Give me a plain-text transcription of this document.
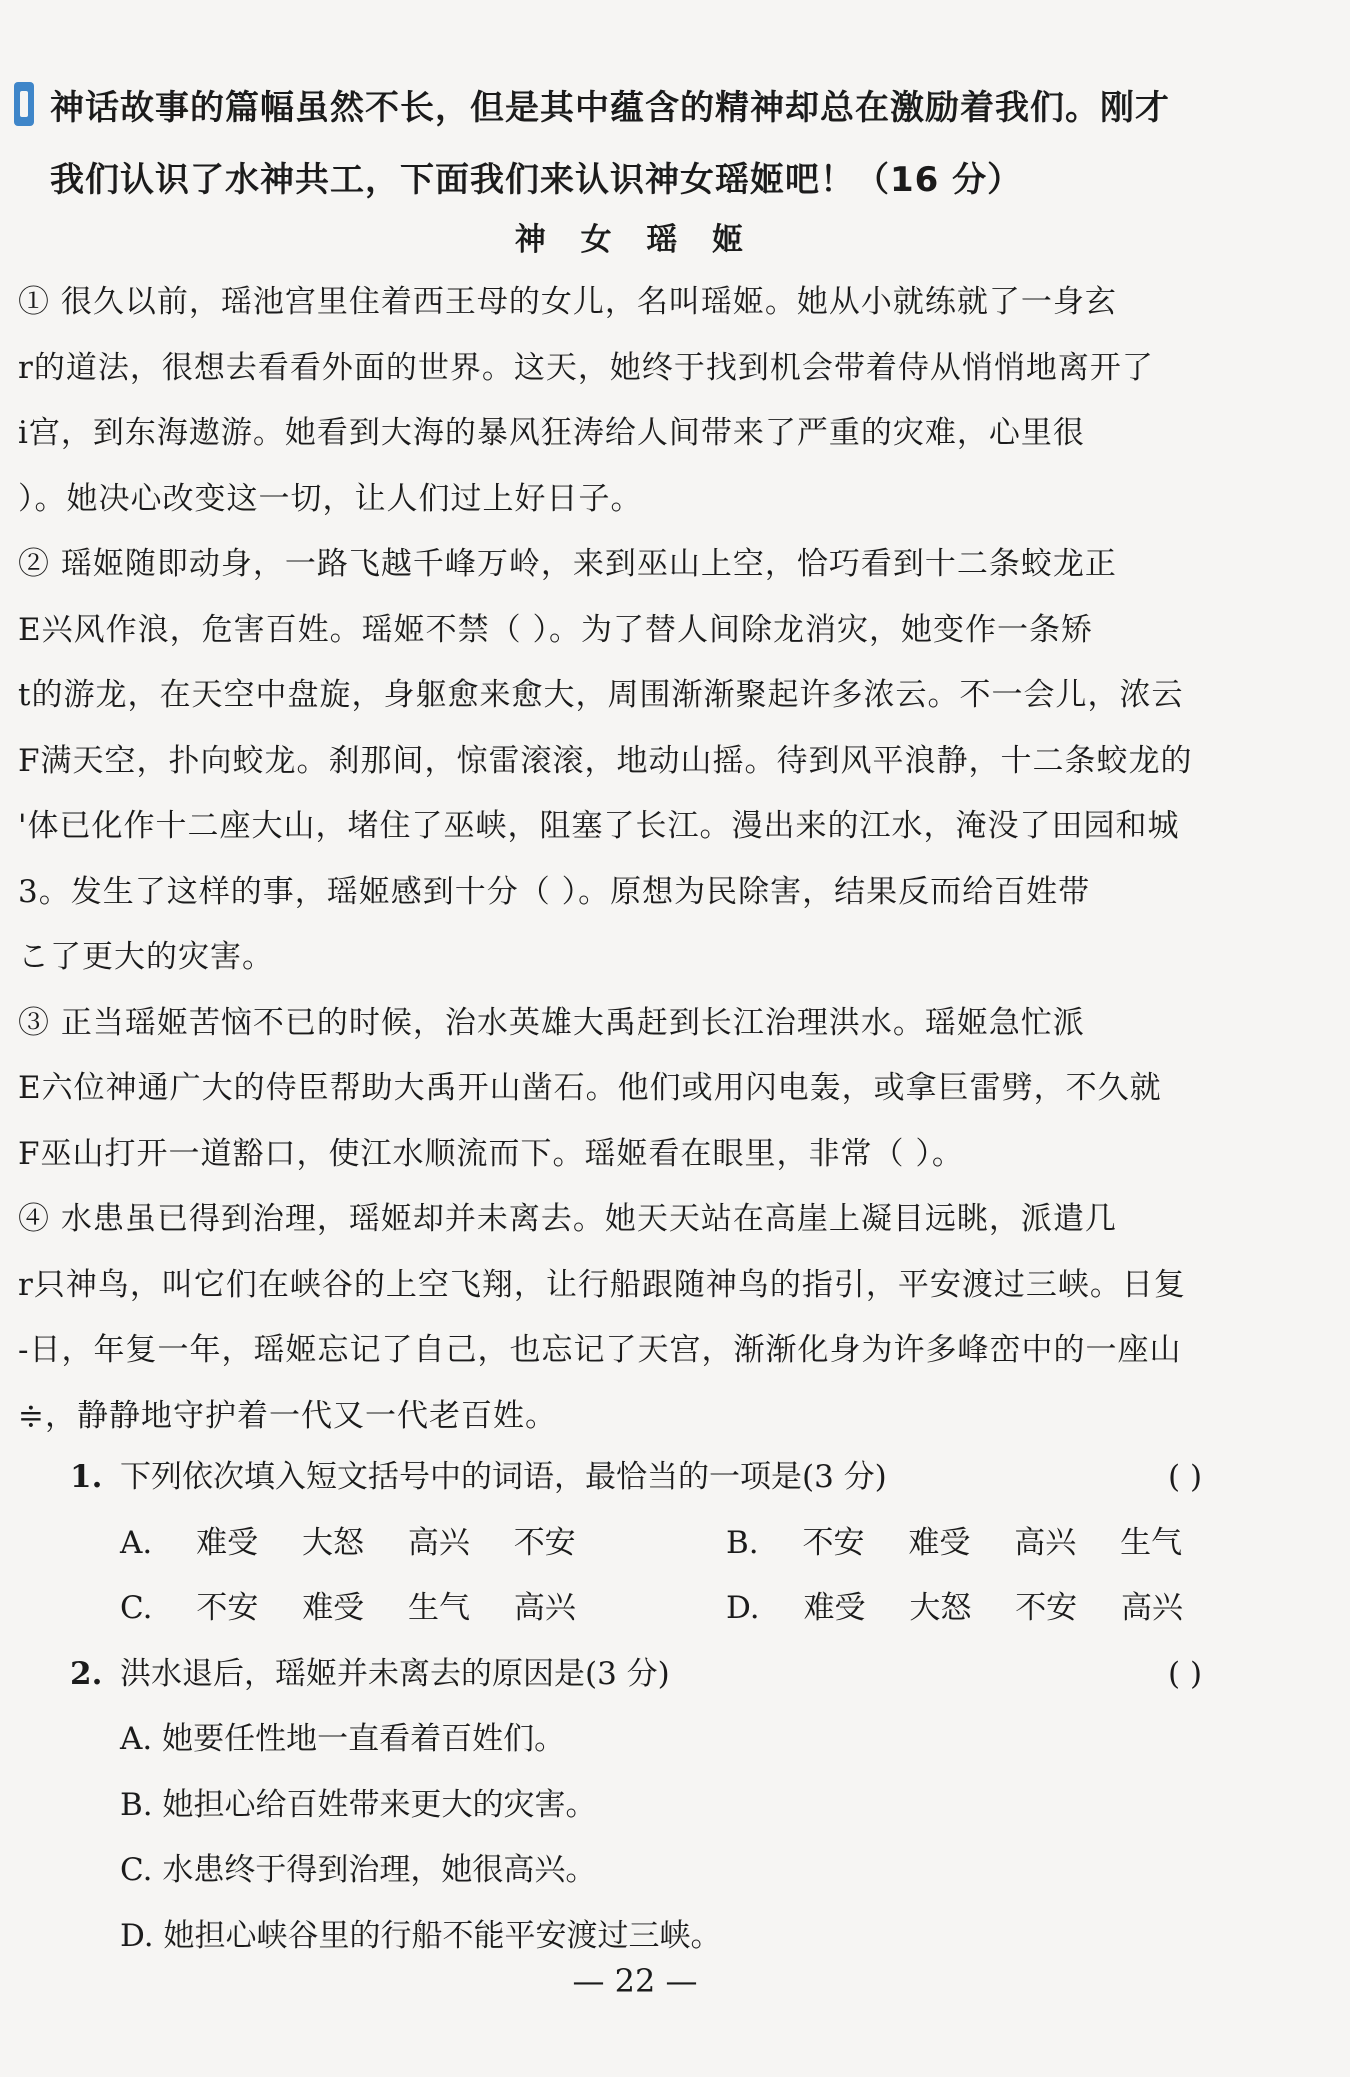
神话故事的篇幅虽然不长，但是其中蕴含的精神却总在激励着我们。刚才
我们认识了水神共工，下面我们来认识神女瑶姬吧！（16 分）
神 女 瑶 姬
① 很久以前，瑶池宫里住着西王母的女儿，名叫瑶姬。她从小就练就了一身玄
r的道法，很想去看看外面的世界。这天，她终于找到机会带着侍从悄悄地离开了
i宫，到东海遨游。她看到大海的暴风狂涛给人间带来了严重的灾难，心里很
）。她决心改变这一切，让人们过上好日子。
② 瑶姬随即动身，一路飞越千峰万岭，来到巫山上空，恰巧看到十二条蛟龙正
E兴风作浪，危害百姓。瑶姬不禁（ ）。为了替人间除龙消灾，她变作一条矫
t的游龙，在天空中盘旋，身躯愈来愈大，周围渐渐聚起许多浓云。不一会儿，浓云
F满天空，扑向蛟龙。刹那间，惊雷滚滚，地动山摇。待到风平浪静，十二条蛟龙的
'体已化作十二座大山，堵住了巫峡，阻塞了长江。漫出来的江水，淹没了田园和城
3。发生了这样的事，瑶姬感到十分（ ）。原想为民除害，结果反而给百姓带
こ了更大的灾害。
③ 正当瑶姬苦恼不已的时候，治水英雄大禹赶到长江治理洪水。瑶姬急忙派
E六位神通广大的侍臣帮助大禹开山凿石。他们或用闪电轰，或拿巨雷劈，不久就
F巫山打开一道豁口，使江水顺流而下。瑶姬看在眼里，非常（ ）。
④ 水患虽已得到治理，瑶姬却并未离去。她天天站在高崖上凝目远眺，派遣几
r只神鸟，叫它们在峡谷的上空飞翔，让行船跟随神鸟的指引，平安渡过三峡。日复
-日，年复一年，瑶姬忘记了自己，也忘记了天宫，渐渐化身为许多峰峦中的一座山
≑，静静地守护着一代又一代老百姓。
1. 下列依次填入短文括号中的词语，最恰当的一项是(3 分)	( )
A. 难受 大怒 高兴 不安	B. 不安 难受 高兴 生气
C. 不安 难受 生气 高兴	D. 难受 大怒 不安 高兴
2. 洪水退后，瑶姬并未离去的原因是(3 分)	( )
A. 她要任性地一直看着百姓们。
B. 她担心给百姓带来更大的灾害。
C. 水患终于得到治理，她很高兴。
D. 她担心峡谷里的行船不能平安渡过三峡。
— 22 —
